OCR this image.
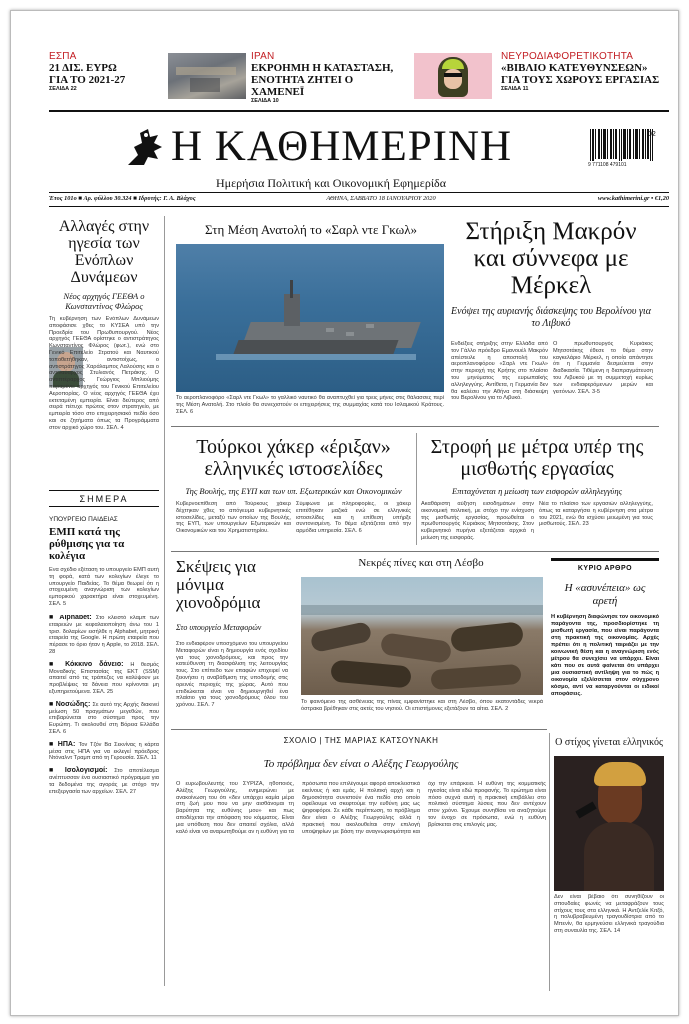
ΕΣΠΑ
21 ΔΙΣ. ΕΥΡΩ
ΓΙΑ ΤΟ 2021-27
ΣΕΛΙΔΑ 22
ΙΡΑΝ
ΕΚΡΟΗΜΗ Η ΚΑΤΑΣΤΑΣΗ,
ΕΝΟΤΗΤΑ ΖΗΤΕΙ Ο ΧΑΜΕΝΕΪ
ΣΕΛΙΔΑ 10
ΝΕΥΡΟΔΙΑΦΟΡΕΤΙΚΟΤΗΤΑ
«ΒΙΒΛΙΟ ΚΑΤΕΥΘΥΝΣΕΩΝ»
ΓΙΑ ΤΟΥΣ ΧΩΡΟΥΣ ΕΡΓΑΣΙΑΣ
ΣΕΛΙΔΑ 11
Η ΚΑΘΗΜΕΡΙΝΗ
Ημερήσια Πολιτική και Οικονομική Εφημερίδα
9 771108 479101
02
Έτος 101ο ■ Αρ. φύλλου 30.324 ■ Ιδρυτής: Γ. Α. Βλάχος	ΑΘΗΝΑ, ΣΑΒΒΑΤΟ 18 ΙΑΝΟΥΑΡΙΟΥ 2020	www.kathimerini.gr • €1,20
Αλλαγές στην ηγεσία των Ενόπλων Δυνάμεων
Νέος αρχηγός ΓΕΕΘΑ ο Κωνσταντίνος Φλώρος
Τη κυβέρνηση των Ενόπλων Δυνάμεων αποφάσισε χθες το ΚΥΣΕΑ υπό την Προεδρία του Πρωθυπουργού. Νέος αρχηγός ΓΕΕΘΑ ορίστηκε ο αντιστράτηγος Κωνσταντίνος Φλώρος (φωτ.), ενώ στο Γενικό Επιτελείο Στρατού και Ναυτικού τοποθετήθηκαν, αντιστοίχως, ο αντιστράτηγος Χαράλαμπος Λαλούσης και ο αντιναύαρχος Στυλιανός Πετράκης. Ο αντιπτέραρχος Γεώργιος Μπλιούμης παραμένει αρχηγός του Γενικού Επιτελείου Αεροπορίας. Ο νέος αρχηγός ΓΕΕΘΑ έχει εκτεταμένη εμπειρία. Είναι δεύτερος από σειρά πέτυχε πρώτος στον στρατηγείο, με εμπειρία τόσο στο επιχειρησιακό πεδίο όσο και σε ζητήματα όπως τα Προγράμματα στον αρχικό χώρο του. ΣΕΛ. 4
ΣΗΜΕΡΑ
ΥΠΟΥΡΓΕΙΟ ΠΑΙΔΕΙΑΣ
ΕΜΠ κατά της ρύθμισης για τα κολέγια
Ενα σχέδιο εξέταση το υπουργείο ΕΜΠ αυτή τη φορά, κατά των κολεγίων έλεγε το υπουργείο Παιδείας. Το θέμα θεωρεί ότι η στοχευμένη αναγνώριση των κολεγίων εμπορικού χαρακτήρα είναι στοχευμένη. ΣΕΛ. 5
■ Alphabet: Στο κλειστό κλαμπ των εταιρειών με κεφαλαιοποίηση άνω του 1 τρισ. δολαρίων εισήλθε η Alphabet, μητρική εταιρεία της Google. Η πρώτη εταιρεία που πέρασε το όριο ήταν η Apple, το 2018. ΣΕΛ. 28
■ Κόκκινο δάνειο: Η θεσμός Μοναδικής Επιστασίας της ΕΚΤ (SSM) απαιτεί από τις τράπεζες να καλύψουν με προβλέψεις τα δάνεια που κρίνονται μη εξυπηρετούμενα. ΣΕΛ. 25
■ Νοσώδης: Σε αυτό της Αρχής διακινεί μείωση 50 πραγμάτων μεγεθών, που επιβαρύνεται στο σύστημα προς την Ευρώπη. Τι ακολουθεί στη Βόρεια Ελλάδα ΣΕΛ. 6
■ ΗΠΑ: Τον Τζόν Βα Σεκνίνας η κάρτα μέσα στις ΗΠΑ για να εκλεγεί πρόεδρος Ντόναλντ Τραμπ από τη Γερουσία. ΣΕΛ. 11
■ Ισολογισμοί: Στο αποτέλεσμα ανέπτυσσαν ένα ουσιαστικό πρόγραμμα για τα δεδομένα της αγοράς με στόχο την επεξεργασία των αρχείων. ΣΕΛ. 27
Στη Μέση Ανατολή το «Σαρλ ντε Γκωλ»
Το αεροπλανοφόρο «Σαρλ ντε Γκωλ» το γαλλικό ναυτικό θα αναπτυχθεί για τρεις μήνες στις θάλασσες περί της Μέση Ανατολή. Στο πλοίο θα συνεχιστούν οι επιχειρήσεις της συμμαχίας κατά του Ισλαμικού Κράτους. ΣΕΛ. 6
Στήριξη Μακρόν και σύννεφα με Μέρκελ
Ενόψει της αυριανής διάσκεψης του Βερολίνου για το Λιβυκό
Ενδείξεις στήριξης στην Ελλάδα από τον Γάλλο πρόεδρο Εμανουέλ Μακρόν απέστειλε η αποστολή του αεροπλανοφόρου «Σαρλ ντε Γκωλ» στην περιοχή της Κρήτης στο πλαίσιο του μηνύματος της ευρωπαϊκής αλληλεγγύης. Αντίθετα, η Γερμανία δεν θα καλέσει την Αθήνα στη διάσκεψη του Βερολίνου για το Λιβυκό.
Ο πρωθυπουργός Κυριάκος Μητσοτάκης έθεσε το θέμα στην καγκελάριο Μέρκελ, η οποία απάντησε ότι η Γερμανία δεσμεύεται στην διαδικασία. Τιθέμενη η διαπραγμάτευση του Λιβυκού με τη συμμετοχή κυρίως των ενδιαφερόμενων μερών και γειτόνων. ΣΕΛ. 3-5
Τούρκοι χάκερ «έριξαν» ελληνικές ιστοσελίδες
Της Βουλής, της ΕΥΠ και των υπ. Εξωτερικών και Οικονομικών
Κυβερνοεπίθεση από Τούρκους χάκερ δέχτηκαν χθες το απόγευμα κυβερνητικές ιστοσελίδες, μεταξύ των οποίων της Βουλής, της ΕΥΠ, των υπουργείων Εξωτερικών και Οικονομικών και του Χρηματιστηρίου.
Σύμφωνα με πληροφορίες, οι χάκερ επιτέθηκαν μαζικά ενώ σε ελληνικές ιστοσελίδες και η επίθεση υπήρξε συντονισμένη. Το θέμα εξετάζεται από την αρμόδια υπηρεσία. ΣΕΛ. 6
Στροφή με μέτρα υπέρ της μισθωτής εργασίας
Επιταχύνεται η μείωση των εισφορών αλληλεγγύης
Ακαθάριστη αύξηση εισοδημάτων στην οικονομική πολιτική, με στόχο την ενίσχυση της μισθωτής εργασίας, προωθείται ο πρωθυπουργός Κυριάκος Μητσοτάκης. Στον κυβερνητικό πυρήνα εξετάζεται αρχικά η μείωση της εισφοράς.
Νέα το πλαίσιο των εργασιών αλληλεγγύης, όπως τα καταργήσει η κυβέρνηση στα μέτρα του 2021, ενώ θα ισχύσει μειωμένη για τους μισθωτούς. ΣΕΛ. 23
Σκέψεις για μόνιμα χιονοδρόμια
Στο υπουργείο Μεταφορών
Στο ενδιαφέρον υποσχόμενο του υπουργείου Μεταφορών είναι η δημιουργία ενός σχεδίου για τους χιονοδρόμους, και προς την κατεύθυνση τη διασφάλιση της λειτουργίας τους. Στο επίπεδο των επαφών επιχειρεί να ξεκινήσει η αναβάθμιση της υποδομής στις ορεινές περιοχές της χώρας. Αυτό που επιδιώκεται είναι να δημιουργηθεί ένα πλαίσιο για τους χιονοδρόμους όλου του χρόνου. ΣΕΛ. 7
Νεκρές πίνες και στη Λέσβο
Το φαινόμενο της ασθένειας της πίνας εμφανίστηκε και στη Λέσβο, όπου εκατοντάδες νεκρά όστρακα βρέθηκαν στις ακτές του νησιού. Οι επιστήμονες εξετάζουν τα αίτια. ΣΕΛ. 2
ΚΥΡΙΟ ΑΡΘΡΟ
Η «ασυνέπεια» ως αρετή
Η κυβέρνηση διαφώνησε τον οικονομικό παράγοντα της, προσδιορίστηκε τη μισθωτή εργασία, που είναι παράγοντα στη πρακτική της οικονομίας. Αρχές πρέπει ότι η πολιτική ταιριάζει με την κοινωνική θέση και η αναγνώριση ενός μέτρου θα συνεχίσει να υπάρχει. Είναι κάτι που σε αυτά φαίνεται ότι υπάρχει μια ουσιαστική αντίληψη για το πώς η οικονομία εξελίσσεται στον σύγχρονο κόσμο, αντί να καταργούνται οι ειδικοί αποφάσεις.
ΣΧΟΛΙΟ | ΤΗΣ ΜΑΡΙΑΣ ΚΑΤΣΟΥΝΑΚΗ
Το πρόβλημα δεν είναι ο Αλέξης Γεωργούλης
Ο ευρωβουλευτής του ΣΥΡΙΖΑ, ηθοποιός, Αλέξης Γεωργούλης, ενημερώνει με ανακοίνωση του ότι «δεν υπάρχει καμία μέρα στη ζωή μου που να μην αισθάνομαι τη βαρύτητα της ευθύνης μου» και πως αποδέχεται την απόφαση του κόμματος. Είναι μια υπόθεση που δεν απαιτεί σχόλια, αλλά καλό είναι να αναρωτηθούμε αν η ευθύνη για τα πρόσωπα που επιλέγουμε αφορά αποκλειστικά εκείνους ή και εμάς. Η πολιτική αρχή και η δημοσιότητα συνιστούν ένα πεδίο στο οποίο οφείλουμε να σκεφτούμε την ευθύνη μας ως ψηφοφόροι. Σε κάθε περίπτωση, το πρόβλημα δεν είναι ο Αλέξης Γεωργούλης αλλά η πρακτική που ακολουθείται στην επιλογή υποψηφίων με βάση την αναγνωρισιμότητα και όχι την επάρκεια. Η ευθύνη της κομματικής ηγεσίας είναι εδώ προφανής. Το ερώτημα είναι πόσο συχνά αυτή η πρακτική επιβάλλει στο πολιτικό σύστημα λύσεις που δεν αντέχουν στον χρόνο. Έχουμε συνηθίσει να αναζητούμε τον ένοχο σε πρόσωπα, ενώ η ευθύνη βρίσκεται στις επιλογές μας.
Ο στίχος γίνεται ελληνικός
Δεν είναι βέβαιο ότι συνηθίζουν οι σπουδαίες φωνές να μεταφράζουν τους στίχους τους στα ελληνικά. Η Αντζελίκ Κιτζό, η πολυβραβευμένη τραγουδίστρια από το Μπενίν, θα ερμηνεύσει ελληνικά τραγούδια στη συναυλία της. ΣΕΛ. 14
